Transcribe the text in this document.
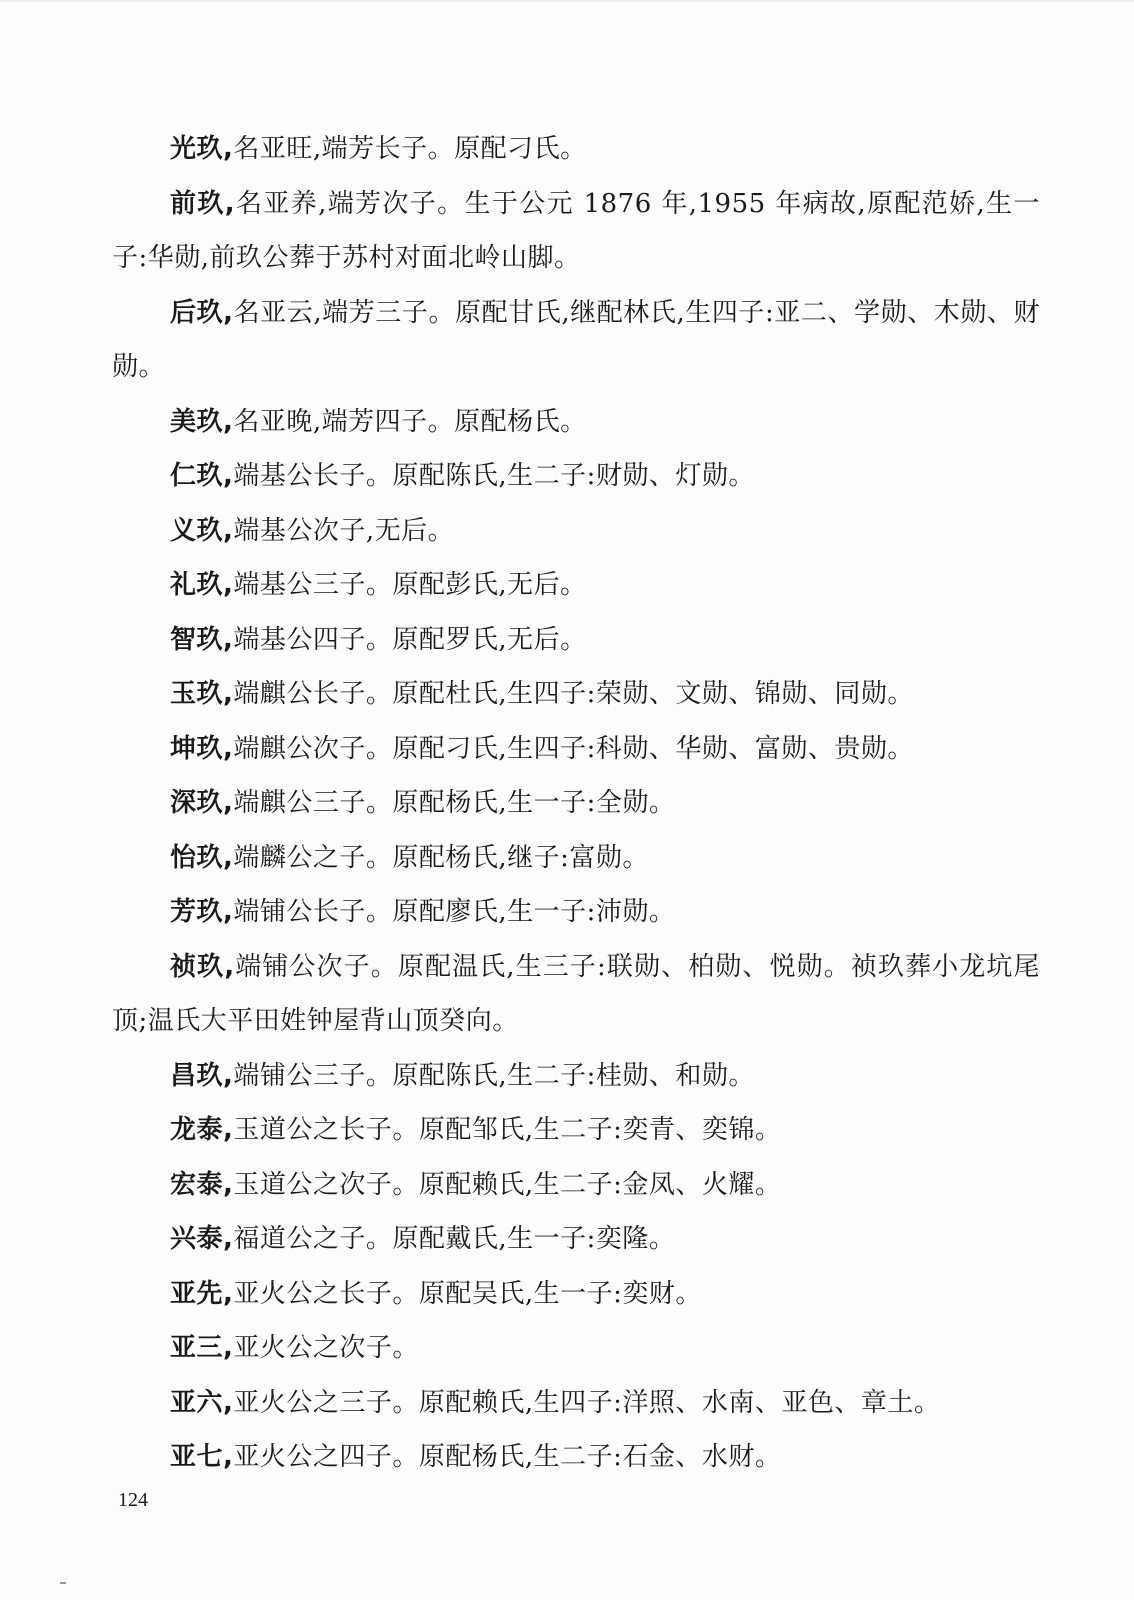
光玖,名亚旺,端芳长子。原配刁氏。

前玖,名亚养,端芳次子。生于公元 1876 年,1955 年病故,原配范娇,生一子:华勋,前玖公葬于苏村对面北岭山脚。

后玖,名亚云,端芳三子。原配甘氏,继配林氏,生四子:亚二、学勋、木勋、财勋。

美玖,名亚晚,端芳四子。原配杨氏。

仁玖,端基公长子。原配陈氏,生二子:财勋、灯勋。

义玖,端基公次子,无后。

礼玖,端基公三子。原配彭氏,无后。

智玖,端基公四子。原配罗氏,无后。

玉玖,端麒公长子。原配杜氏,生四子:荣勋、文勋、锦勋、同勋。

坤玖,端麒公次子。原配刁氏,生四子:科勋、华勋、富勋、贵勋。

深玖,端麒公三子。原配杨氏,生一子:全勋。

怡玖,端麟公之子。原配杨氏,继子:富勋。

芳玖,端铺公长子。原配廖氏,生一子:沛勋。

祯玖,端铺公次子。原配温氏,生三子:联勋、柏勋、悦勋。祯玖葬小龙坑尾顶;温氏大平田姓钟屋背山顶癸向。

昌玖,端铺公三子。原配陈氏,生二子:桂勋、和勋。

龙泰,玉道公之长子。原配邹氏,生二子:奕青、奕锦。

宏泰,玉道公之次子。原配赖氏,生二子:金凤、火耀。

兴泰,福道公之子。原配戴氏,生一子:奕隆。

亚先,亚火公之长子。原配吴氏,生一子:奕财。

亚三,亚火公之次子。

亚六,亚火公之三子。原配赖氏,生四子:洋照、水南、亚色、章土。

亚七,亚火公之四子。原配杨氏,生二子:石金、水财。

124
